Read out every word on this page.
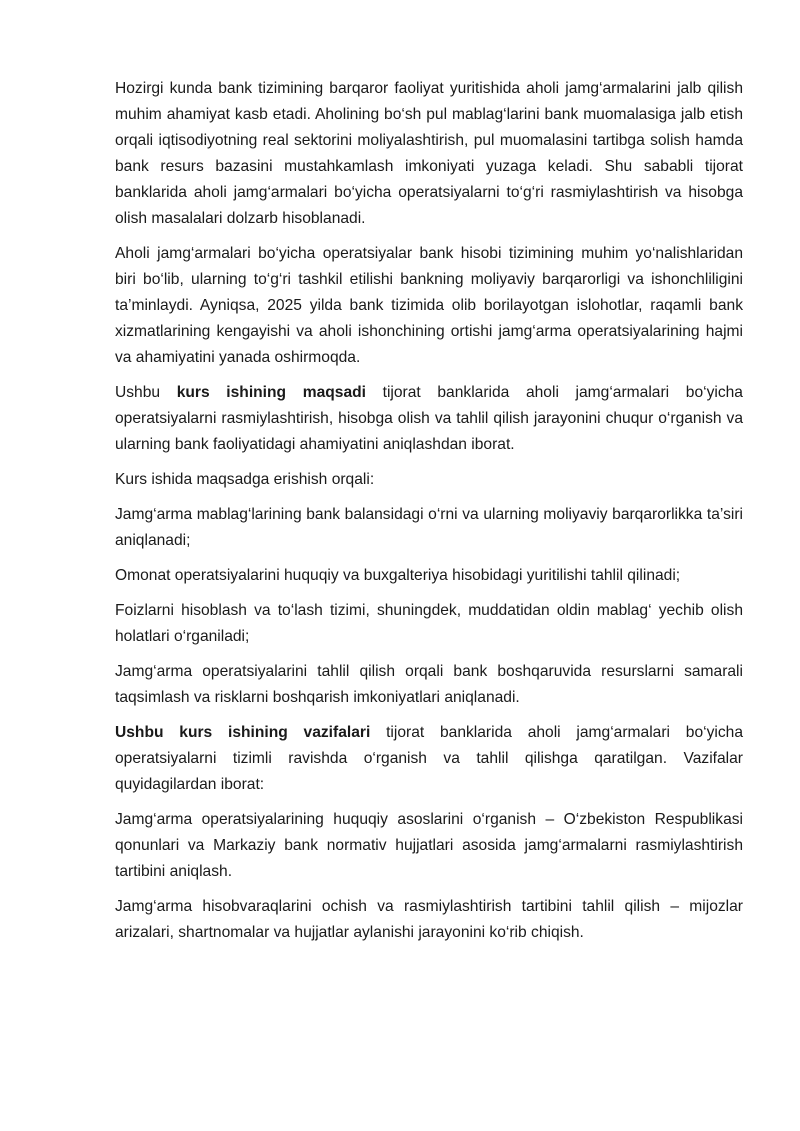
Hozirgi kunda bank tizimining barqaror faoliyat yuritishida aholi jamg‘armalarini jalb qilish muhim ahamiyat kasb etadi. Aholining bo‘sh pul mablag‘larini bank muomalasiga jalb etish orqali iqtisodiyotning real sektorini moliyalashtirish, pul muomalasini tartibga solish hamda bank resurs bazasini mustahkamlash imkoniyati yuzaga keladi. Shu sababli tijorat banklarida aholi jamg‘armalari bo‘yicha operatsiyalarni to‘g‘ri rasmiylashtirish va hisobga olish masalalari dolzarb hisoblanadi.

Aholi jamg‘armalari bo‘yicha operatsiyalar bank hisobi tizimining muhim yo‘nalishlaridan biri bo‘lib, ularning to‘g‘ri tashkil etilishi bankning moliyaviy barqarorligi va ishonchliligini ta’minlaydi. Ayniqsa, 2025 yilda bank tizimida olib borilayotgan islohotlar, raqamli bank xizmatlarining kengayishi va aholi ishonchining ortishi jamg‘arma operatsiyalarining hajmi va ahamiyatini yanada oshirmoqda.

Ushbu kurs ishining maqsadi tijorat banklarida aholi jamg‘armalari bo‘yicha operatsiyalarni rasmiylashtirish, hisobga olish va tahlil qilish jarayonini chuqur o‘rganish va ularning bank faoliyatidagi ahamiyatini aniqlashdan iborat.

Kurs ishida maqsadga erishish orqali:

Jamg‘arma mablag‘larining bank balansidagi o‘rni va ularning moliyaviy barqarorlikka ta’siri aniqlanadi;

Omonat operatsiyalarini huquqiy va buxgalteriya hisobidagi yuritilishi tahlil qilinadi;

Foizlarni hisoblash va to‘lash tizimi, shuningdek, muddatidan oldin mablag‘ yechib olish holatlari o‘rganiladi;

Jamg‘arma operatsiyalarini tahlil qilish orqali bank boshqaruvida resurslarni samarali taqsimlash va risklarni boshqarish imkoniyatlari aniqlanadi.

Ushbu kurs ishining vazifalari tijorat banklarida aholi jamg‘armalari bo‘yicha operatsiyalarni tizimli ravishda o‘rganish va tahlil qilishga qaratilgan. Vazifalar quyidagilardan iborat:

Jamg‘arma operatsiyalarining huquqiy asoslarini o‘rganish – O‘zbekiston Respublikasi qonunlari va Markaziy bank normativ hujjatlari asosida jamg‘armalarni rasmiylashtirish tartibini aniqlash.

Jamg‘arma hisobvaraqlarini ochish va rasmiylashtirish tartibini tahlil qilish – mijozlar arizalari, shartnomalar va hujjatlar aylanishi jarayonini ko‘rib chiqish.
